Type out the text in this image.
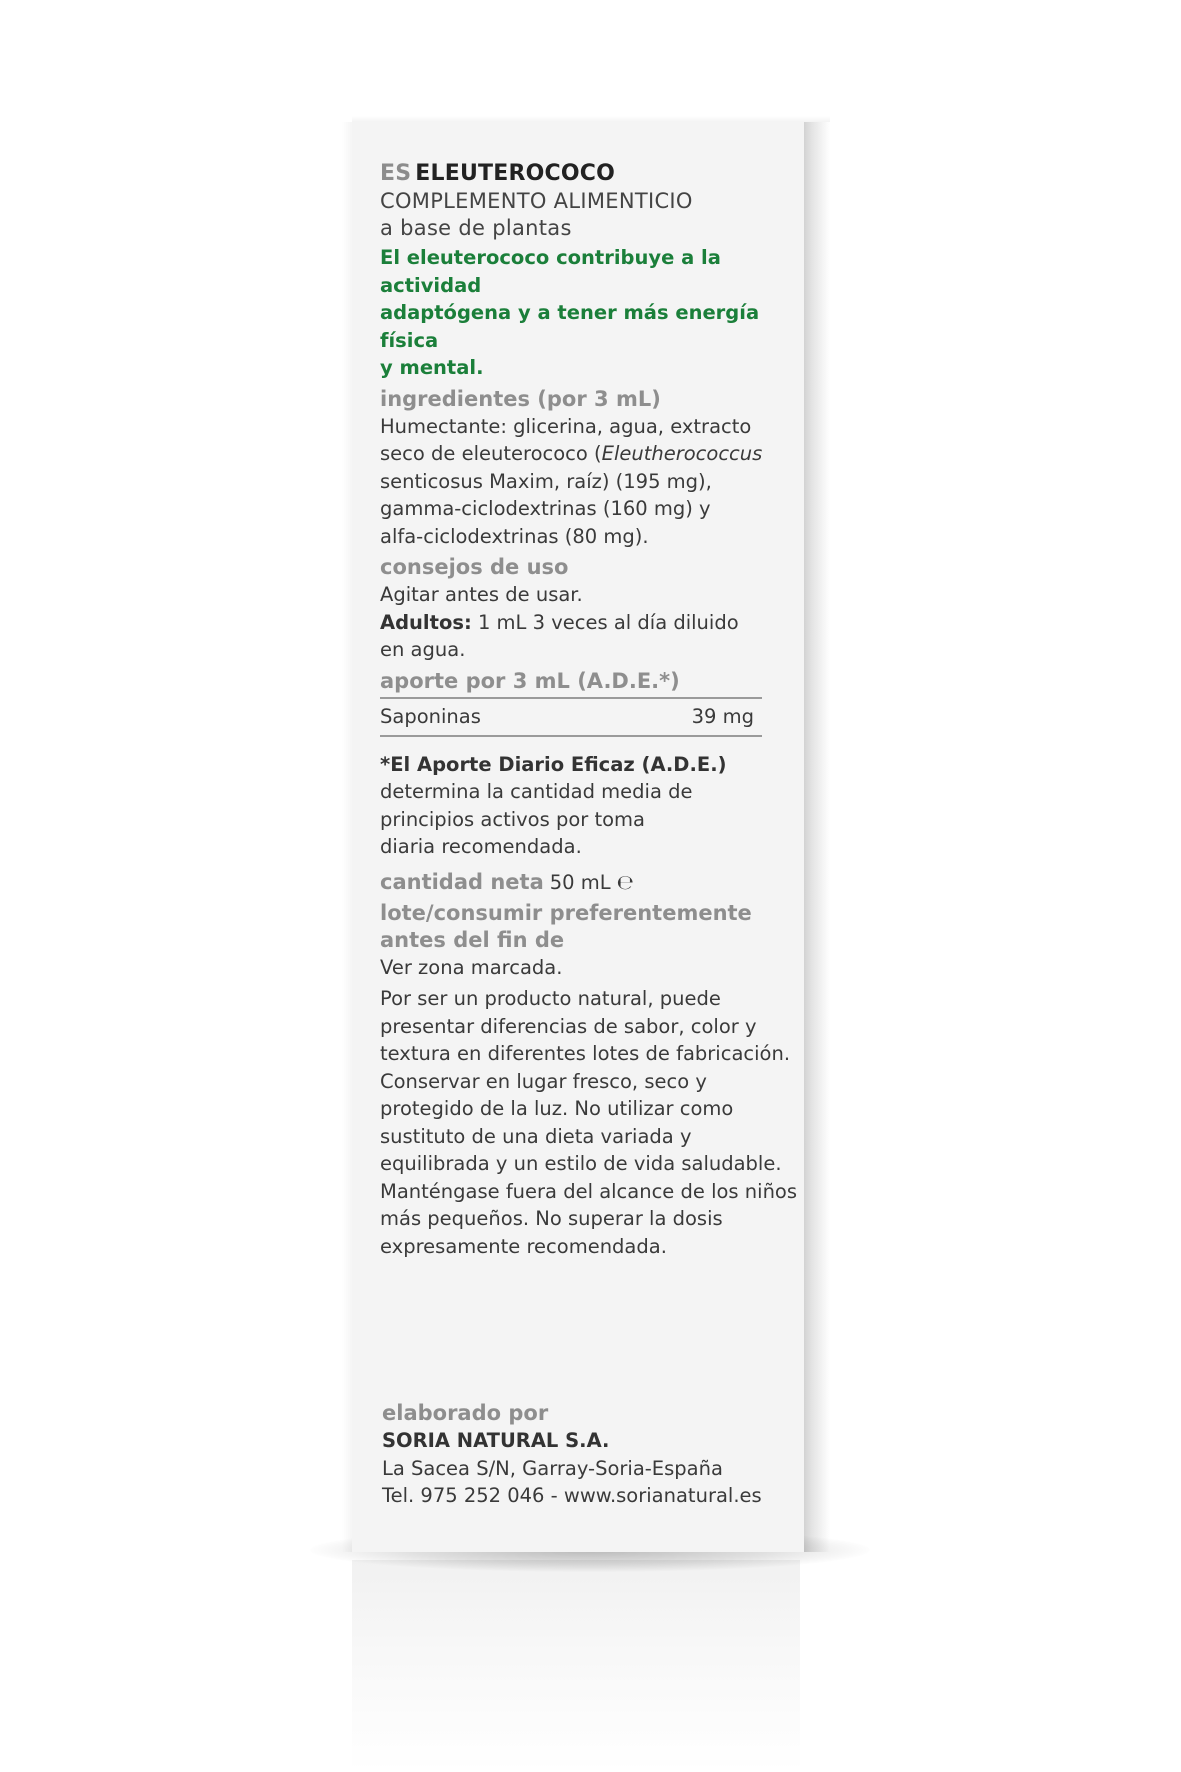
ES ELEUTEROCOCO
COMPLEMENTO ALIMENTICIO
a base de plantas
El eleuterococo contribuye a la actividad
adaptógena y a tener más energía física
y mental.
ingredientes (por 3 mL)
Humectante: glicerina, agua, extracto
seco de eleuterococo (Eleutherococcus
senticosus Maxim, raíz) (195 mg),
gamma-ciclodextrinas (160 mg) y
alfa-ciclodextrinas (80 mg).
consejos de uso
Agitar antes de usar.
Adultos: 1 mL 3 veces al día diluido
en agua.
aporte por 3 mL (A.D.E.*)
Saponinas	39 mg
*El Aporte Diario Eficaz (A.D.E.)
determina la cantidad media de
principios activos por toma
diaria recomendada.
cantidad neta 50 mL ℮
lote/consumir preferentemente
antes del fin de
Ver zona marcada.
Por ser un producto natural, puede
presentar diferencias de sabor, color y
textura en diferentes lotes de fabricación.
Conservar en lugar fresco, seco y
protegido de la luz. No utilizar como
sustituto de una dieta variada y
equilibrada y un estilo de vida saludable.
Manténgase fuera del alcance de los niños
más pequeños. No superar la dosis
expresamente recomendada.
elaborado por
SORIA NATURAL S.A.
La Sacea S/N, Garray-Soria-España
Tel. 975 252 046 - www.sorianatural.es
